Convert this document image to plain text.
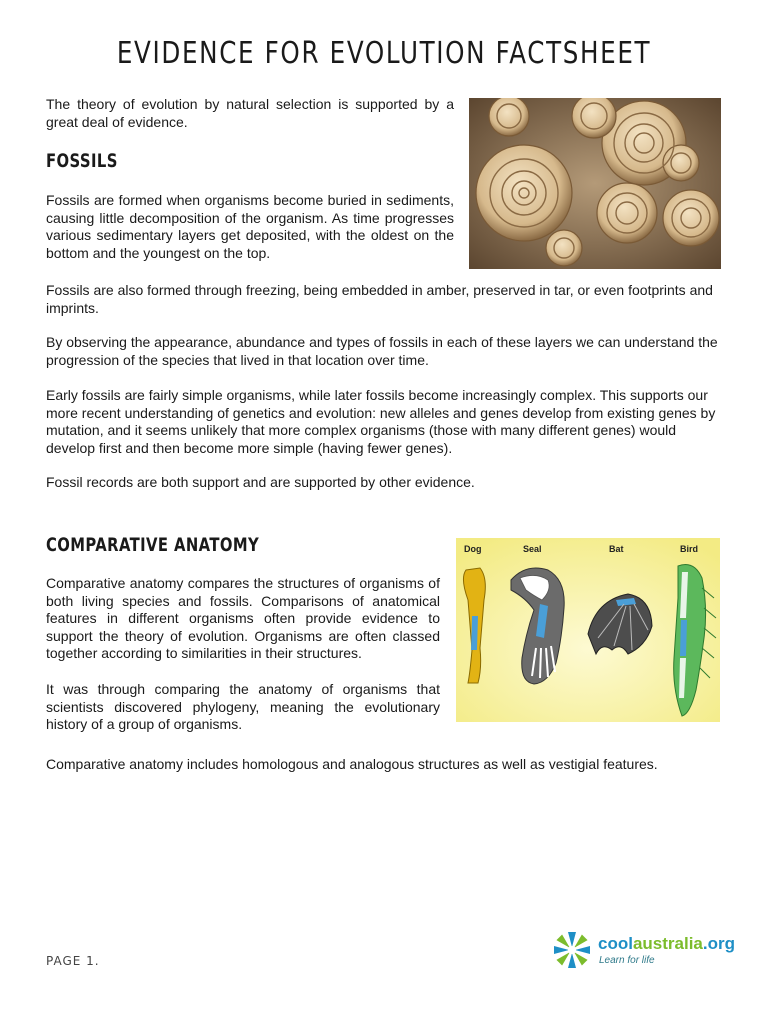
EVIDENCE FOR EVOLUTION FACTSHEET

The theory of evolution by natural selection is supported by a great deal of evidence.

FOSSILS

Fossils are formed when organisms become buried in sediments, causing little decomposition of the organism. As time progresses various sedimentary layers get deposited, with the oldest on the bottom and the youngest on the top.

Fossils are also formed through freezing, being embedded in amber, preserved in tar, or even footprints and imprints.

By observing the appearance, abundance and types of fossils in each of these layers we can understand the progression of the species that lived in that location over time.

Early fossils are fairly simple organisms, while later fossils become increasingly complex. This supports our more recent understanding of genetics and evolution: new alleles and genes develop from existing genes by mutation, and it seems unlikely that more complex organisms (those with many different genes) would develop first and then become more simple (having fewer genes).

Fossil records are both support and are supported by other evidence.

COMPARATIVE ANATOMY

Comparative anatomy compares the structures of organisms of both living species and fossils. Comparisons of anatomical features in different organisms often provide evidence to support the theory of evolution. Organisms are often classed together according to similarities in their structures.

It was through comparing the anatomy of organisms that scientists discovered phylogeny, meaning the evolutionary history of a group of organisms.

Comparative anatomy includes homologous and analogous structures as well as vestigial features.

Dog	Seal	Bat	Bird
PAGE 1.
coolaustralia.org
Learn for life
